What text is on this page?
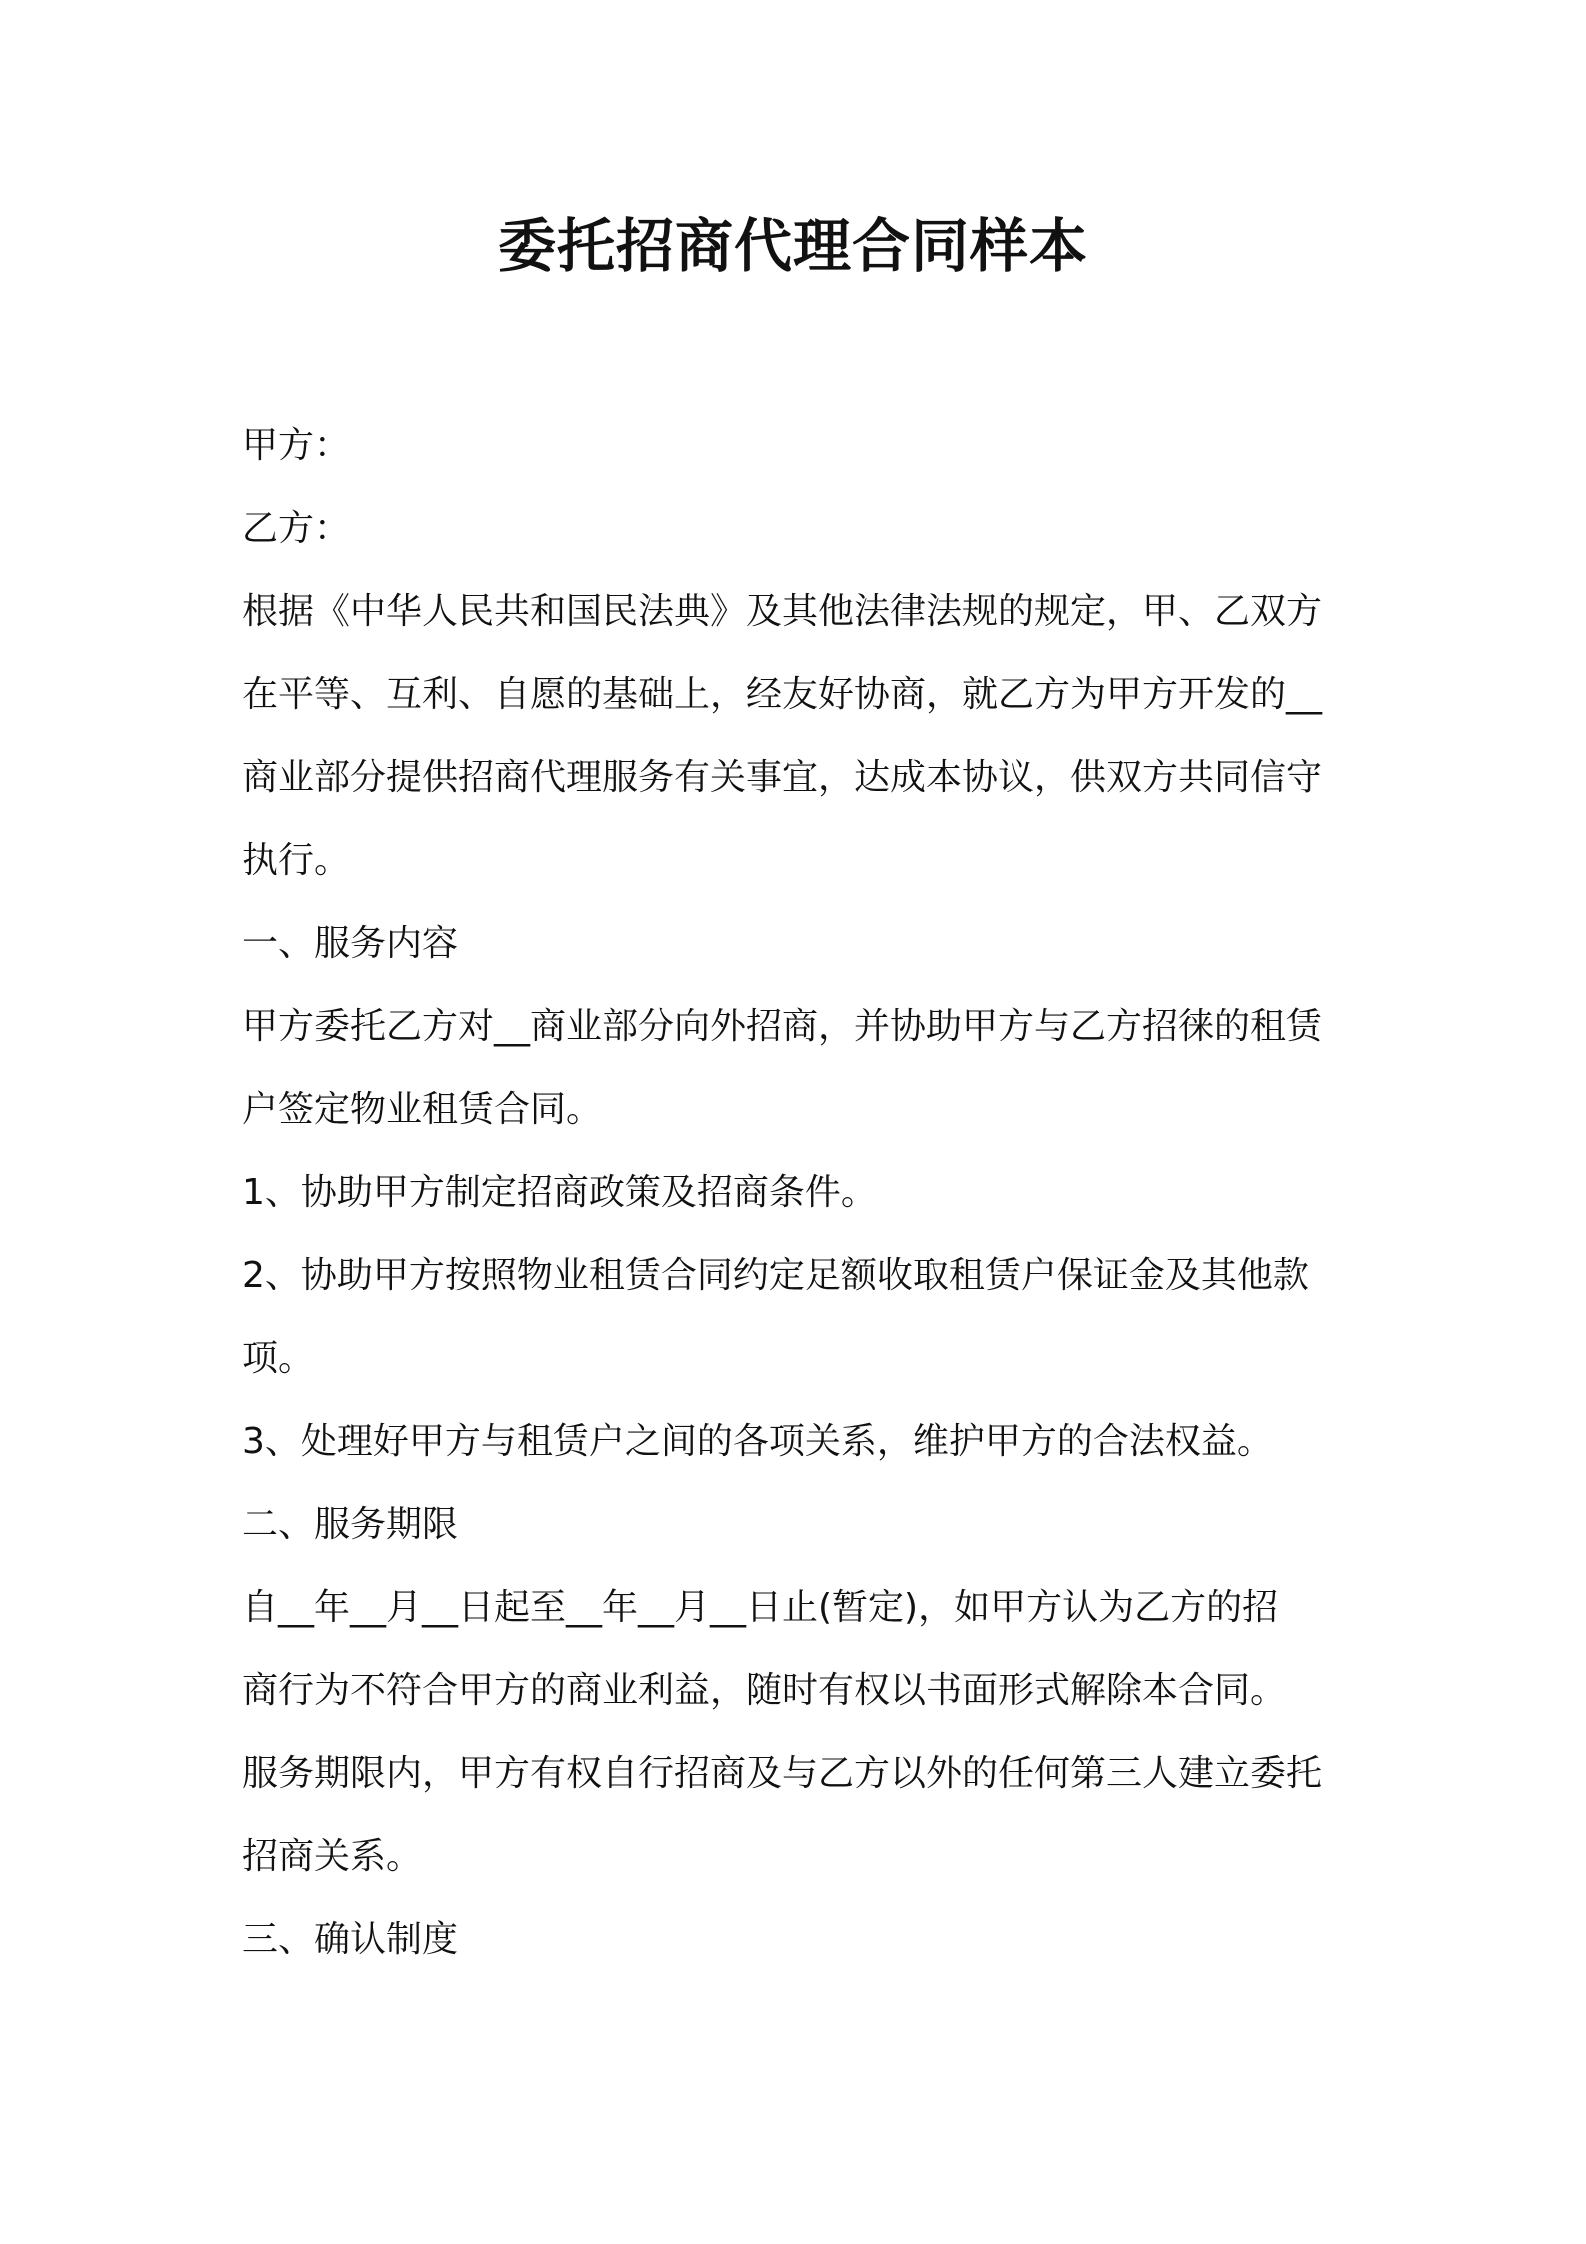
委托招商代理合同样本

甲方：

乙方：

根据《中华人民共和国民法典》及其他法律法规的规定，甲、乙双方

在平等、互利、自愿的基础上，经友好协商，就乙方为甲方开发的__

商业部分提供招商代理服务有关事宜，达成本协议，供双方共同信守

执行。

一、服务内容

甲方委托乙方对__商业部分向外招商，并协助甲方与乙方招徕的租赁

户签定物业租赁合同。

1、协助甲方制定招商政策及招商条件。

2、协助甲方按照物业租赁合同约定足额收取租赁户保证金及其他款

项。

3、处理好甲方与租赁户之间的各项关系，维护甲方的合法权益。

二、服务期限

自__年__月__日起至__年__月__日止(暂定)，如甲方认为乙方的招

商行为不符合甲方的商业利益，随时有权以书面形式解除本合同。

服务期限内，甲方有权自行招商及与乙方以外的任何第三人建立委托

招商关系。

三、确认制度
